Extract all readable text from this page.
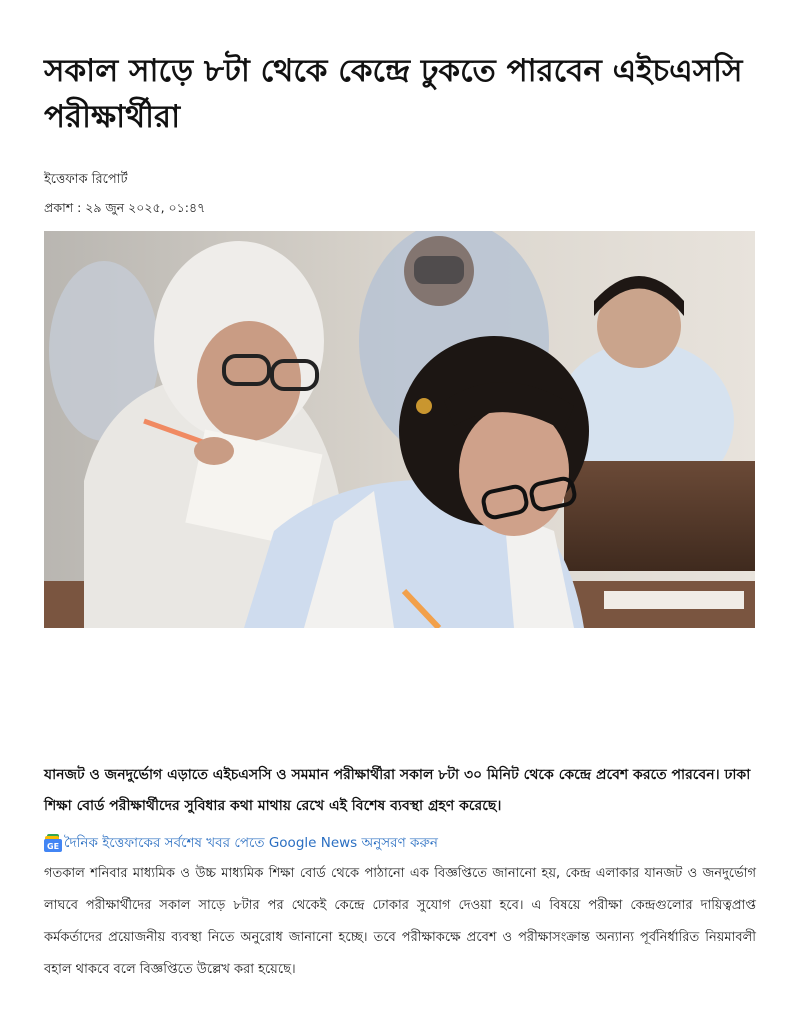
সকাল সাড়ে ৮টা থেকে কেন্দ্রে ঢুকতে পারবেন এইচএসসি পরীক্ষার্থীরা
ইত্তেফাক রিপোর্ট
প্রকাশ : ২৯ জুন ২০২৫, ০১:৪৭

যানজট ও জনদুর্ভোগ এড়াতে এইচএসসি ও সমমান পরীক্ষার্থীরা সকাল ৮টা ৩০ মিনিট থেকে কেন্দ্রে প্রবেশ করতে পারবেন। ঢাকা শিক্ষা বোর্ড পরীক্ষার্থীদের সুবিধার কথা মাথায় রেখে এই বিশেষ ব্যবস্থা গ্রহণ করেছে।

GE দৈনিক ইত্তেফাকের সর্বশেষ খবর পেতে Google News অনুসরণ করুন

গতকাল শনিবার মাধ্যমিক ও উচ্চ মাধ্যমিক শিক্ষা বোর্ড থেকে পাঠানো এক বিজ্ঞপ্তিতে জানানো হয়, কেন্দ্র এলাকার যানজট ও জনদুর্ভোগ লাঘবে পরীক্ষার্থীদের সকাল সাড়ে ৮টার পর থেকেই কেন্দ্রে ঢোকার সুযোগ দেওয়া হবে। এ বিষয়ে পরীক্ষা কেন্দ্রগুলোর দায়িত্বপ্রাপ্ত কর্মকর্তাদের প্রয়োজনীয় ব্যবস্থা নিতে অনুরোধ জানানো হচ্ছে। তবে পরীক্ষাকক্ষে প্রবেশ ও পরীক্ষাসংক্রান্ত অন্যান্য পূর্বনির্ধারিত নিয়মাবলী বহাল থাকবে বলে বিজ্ঞপ্তিতে উল্লেখ করা হয়েছে।
